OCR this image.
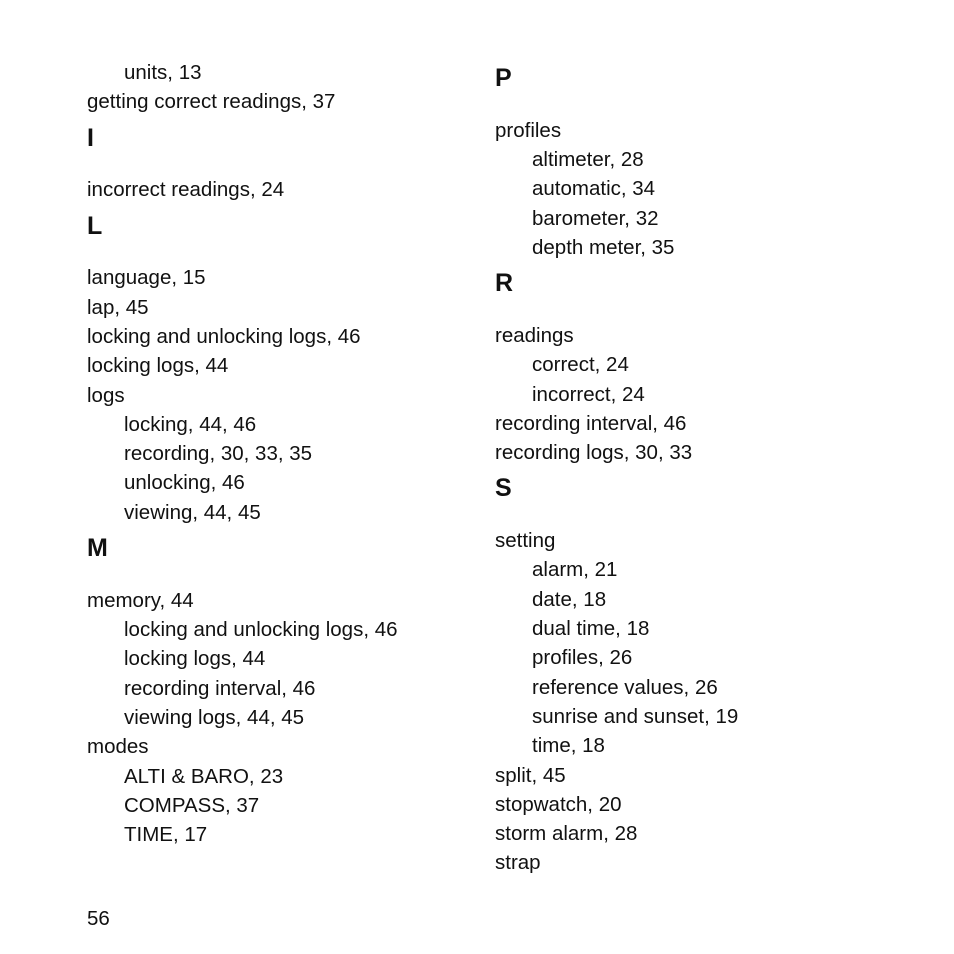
units, 13
getting correct readings, 37
I
incorrect readings, 24
L
language, 15
lap, 45
locking and unlocking logs, 46
locking logs, 44
logs
locking, 44, 46
recording, 30, 33, 35
unlocking, 46
viewing, 44, 45
M
memory, 44
locking and unlocking logs, 46
locking logs, 44
recording interval, 46
viewing logs, 44, 45
modes
ALTI & BARO, 23
COMPASS, 37
TIME, 17
P
profiles
altimeter, 28
automatic, 34
barometer, 32
depth meter, 35
R
readings
correct, 24
incorrect, 24
recording interval, 46
recording logs, 30, 33
S
setting
alarm, 21
date, 18
dual time, 18
profiles, 26
reference values, 26
sunrise and sunset, 19
time, 18
split, 45
stopwatch, 20
storm alarm, 28
strap
56
